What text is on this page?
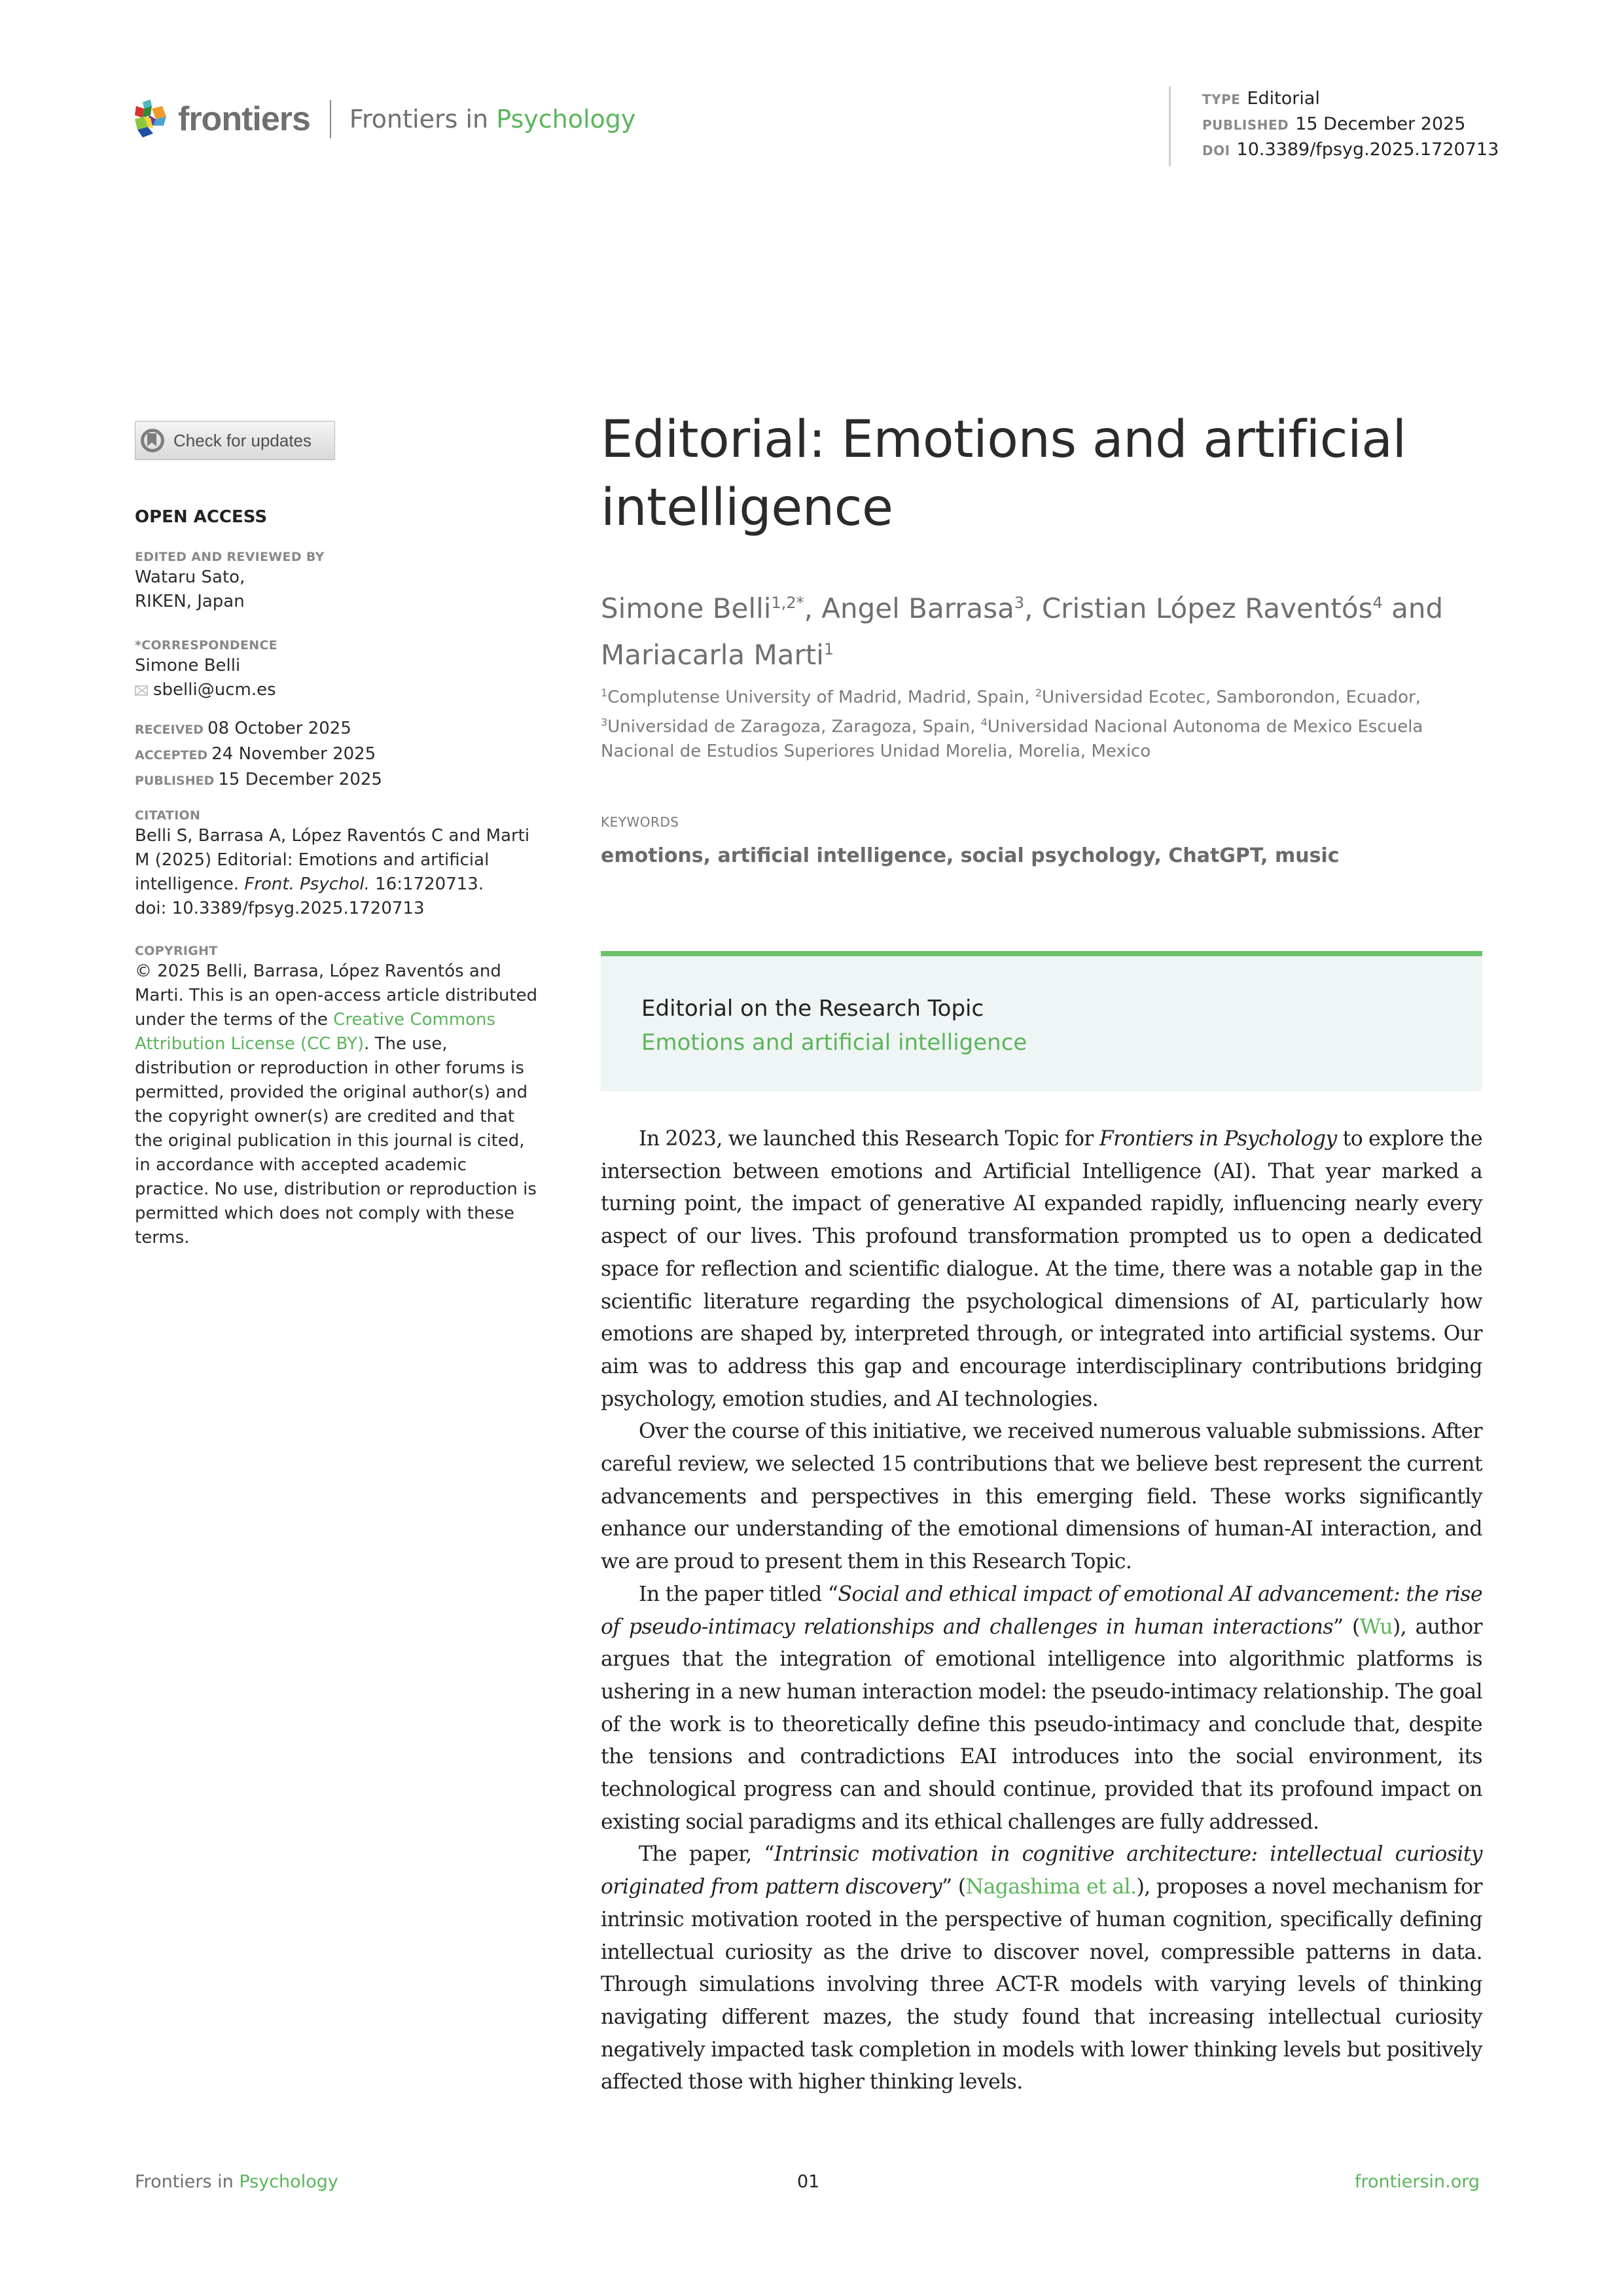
frontiers Frontiers in Psychology
TYPE Editorial
PUBLISHED 15 December 2025
DOI 10.3389/fpsyg.2025.1720713
Check for updates
OPEN ACCESS
EDITED AND REVIEWED BY
Wataru Sato,
RIKEN, Japan
*CORRESPONDENCE
Simone Belli
sbelli@ucm.es
RECEIVED 08 October 2025
ACCEPTED 24 November 2025
PUBLISHED 15 December 2025
CITATION
Belli S, Barrasa A, López Raventós C and Marti M (2025) Editorial: Emotions and artificial intelligence. Front. Psychol. 16:1720713.
doi: 10.3389/fpsyg.2025.1720713
COPYRIGHT
© 2025 Belli, Barrasa, López Raventós and Marti. This is an open-access article distributed under the terms of the Creative Commons Attribution License (CC BY). The use, distribution or reproduction in other forums is permitted, provided the original author(s) and the copyright owner(s) are credited and that the original publication in this journal is cited, in accordance with accepted academic practice. No use, distribution or reproduction is permitted which does not comply with these terms.
Editorial: Emotions and artificial intelligence
Simone Belli$^{1,2*}$, Angel Barrasa$^3$, Cristian López Raventós$^4$ and Mariacarla Marti$^1$
$^1$Complutense University of Madrid, Madrid, Spain, $^2$Universidad Ecotec, Samborondon, Ecuador,
$^3$Universidad de Zaragoza, Zaragoza, Spain, $^4$Universidad Nacional Autonoma de Mexico Escuela Nacional de Estudios Superiores Unidad Morelia, Morelia, Mexico
KEYWORDS
emotions, artificial intelligence, social psychology, ChatGPT, music
Editorial on the Research Topic
Emotions and artificial intelligence

In 2023, we launched this Research Topic for Frontiers in Psychology to explore the intersection between emotions and Artificial Intelligence (AI). That year marked a turning point, the impact of generative AI expanded rapidly, influencing nearly every aspect of our lives. This profound transformation prompted us to open a dedicated space for reflection and scientific dialogue. At the time, there was a notable gap in the scientific literature regarding the psychological dimensions of AI, particularly how emotions are shaped by, interpreted through, or integrated into artificial systems. Our aim was to address this gap and encourage interdisciplinary contributions bridging psychology, emotion studies, and AI technologies.

Over the course of this initiative, we received numerous valuable submissions. After careful review, we selected 15 contributions that we believe best represent the current advancements and perspectives in this emerging field. These works significantly enhance our understanding of the emotional dimensions of human-AI interaction, and we are proud to present them in this Research Topic.

In the paper titled “Social and ethical impact of emotional AI advancement: the rise of pseudo-intimacy relationships and challenges in human interactions” (Wu), author argues that the integration of emotional intelligence into algorithmic platforms is ushering in a new human interaction model: the pseudo-intimacy relationship. The goal of the work is to theoretically define this pseudo-intimacy and conclude that, despite the tensions and contradictions EAI introduces into the social environment, its technological progress can and should continue, provided that its profound impact on existing social paradigms and its ethical challenges are fully addressed.

The paper, “Intrinsic motivation in cognitive architecture: intellectual curiosity originated from pattern discovery” (Nagashima et al.), proposes a novel mechanism for intrinsic motivation rooted in the perspective of human cognition, specifically defining intellectual curiosity as the drive to discover novel, compressible patterns in data. Through simulations involving three ACT-R models with varying levels of thinking navigating different mazes, the study found that increasing intellectual curiosity negatively impacted task completion in models with lower thinking levels but positively affected those with higher thinking levels.

Frontiers in Psychology	01	frontiersin.org
